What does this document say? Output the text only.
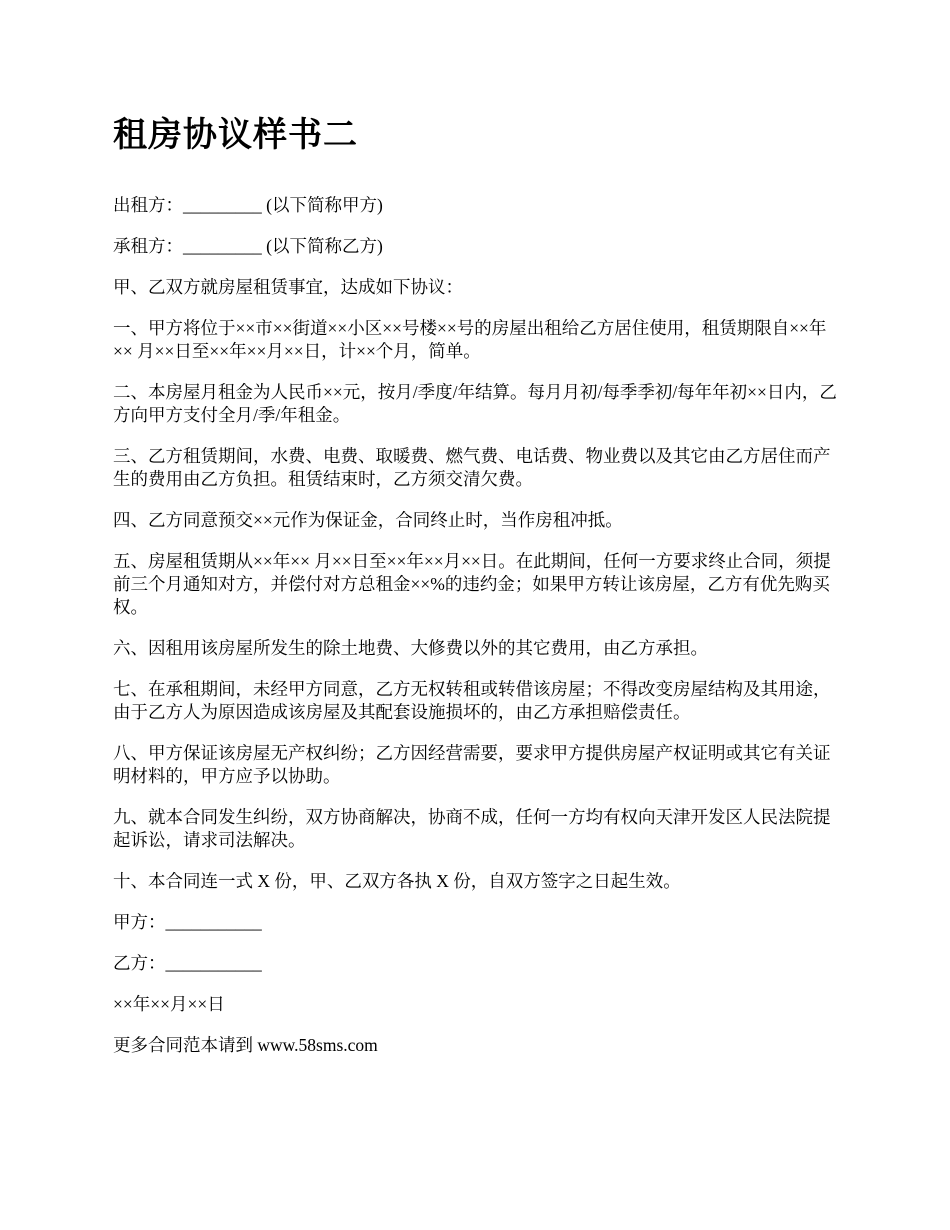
租房协议样书二

出租方：_________ (以下简称甲方)

承租方：_________ (以下简称乙方)

甲、乙双方就房屋租赁事宜，达成如下协议：

一、甲方将位于××市××街道××小区××号楼××号的房屋出租给乙方居住使用，租赁期限自××年×× 月××日至××年××月××日，计××个月，简单。

二、本房屋月租金为人民币××元，按月/季度/年结算。每月月初/每季季初/每年年初××日内，乙方向甲方支付全月/季/年租金。

三、乙方租赁期间，水费、电费、取暖费、燃气费、电话费、物业费以及其它由乙方居住而产生的费用由乙方负担。租赁结束时，乙方须交清欠费。

四、乙方同意预交××元作为保证金，合同终止时，当作房租冲抵。

五、房屋租赁期从××年×× 月××日至××年××月××日。在此期间，任何一方要求终止合同，须提前三个月通知对方，并偿付对方总租金××%的违约金；如果甲方转让该房屋，乙方有优先购买权。

六、因租用该房屋所发生的除土地费、大修费以外的其它费用，由乙方承担。

七、在承租期间，未经甲方同意，乙方无权转租或转借该房屋；不得改变房屋结构及其用途，由于乙方人为原因造成该房屋及其配套设施损坏的，由乙方承担赔偿责任。

八、甲方保证该房屋无产权纠纷；乙方因经营需要，要求甲方提供房屋产权证明或其它有关证明材料的，甲方应予以协助。

九、就本合同发生纠纷，双方协商解决，协商不成，任何一方均有权向天津开发区人民法院提起诉讼，请求司法解决。

十、本合同连一式 X 份，甲、乙双方各执 X 份，自双方签字之日起生效。

甲方：___________

乙方：___________

××年××月××日

更多合同范本请到 www.58sms.com
